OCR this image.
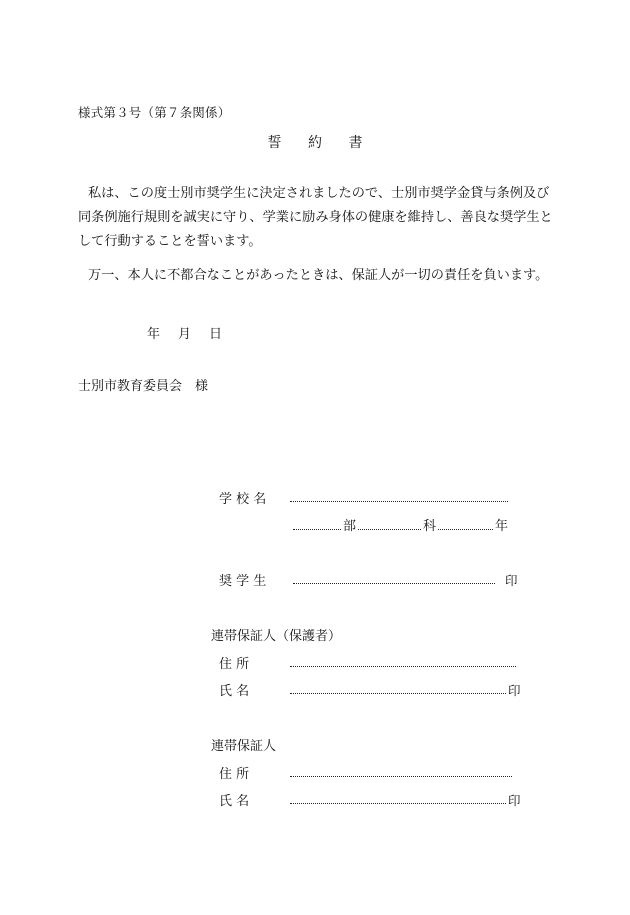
様式第３号（第７条関係）
誓 約 書
私は、この度士別市奨学生に決定されましたので、士別市奨学金貸与条例及び同条例施行規則を誠実に守り、学業に励み身体の健康を維持し、善良な奨学生として行動することを誓います。
万一、本人に不都合なことがあったときは、保証人が一切の責任を負います。
年 月 日
士別市教育委員会　様
学 校 名
部	科	年
奨 学 生	印
連帯保証人（保護者）
住 所
氏 名	印
連帯保証人
住 所
氏 名	印
